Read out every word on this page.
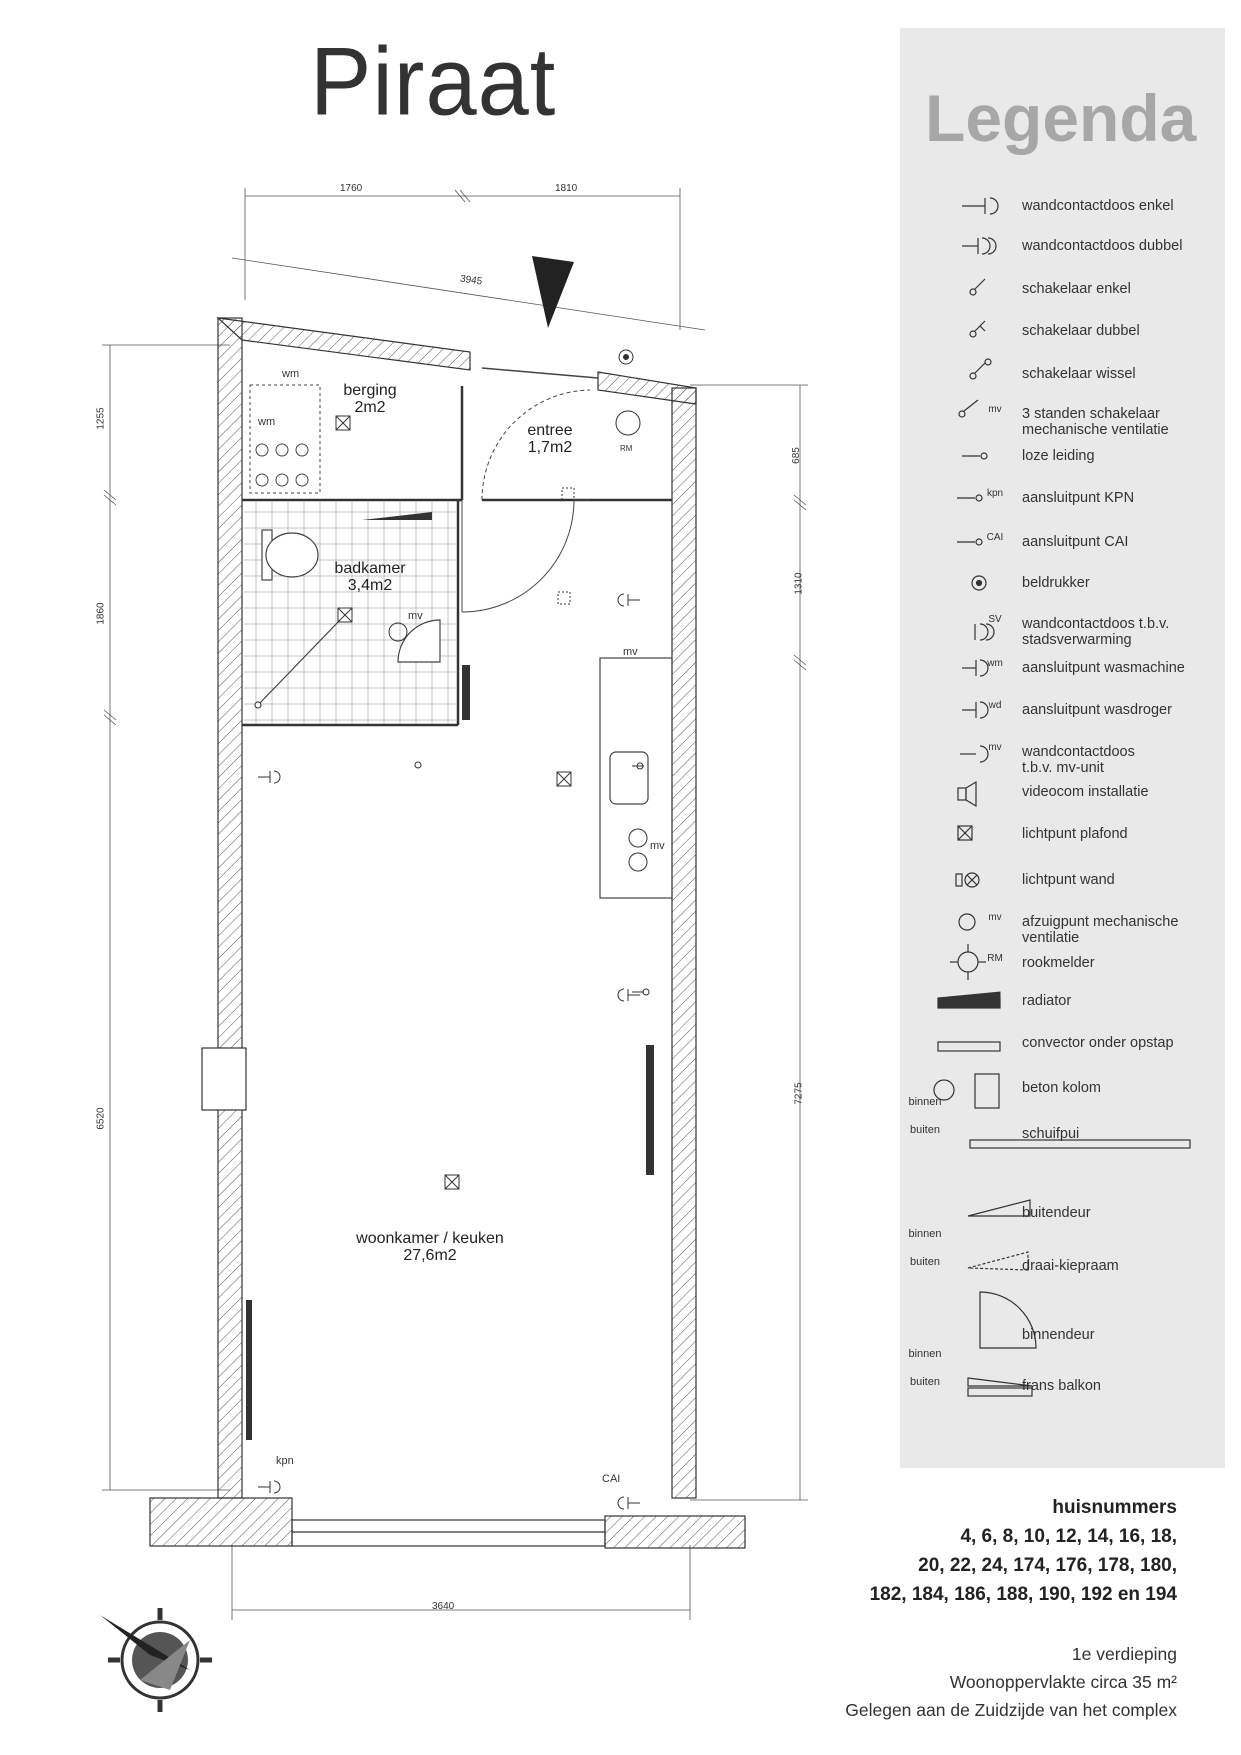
Piraat	Legenda
berging
2m2
entree
1,7m2
badkamer
3,4m2
woonkamer / keuken
27,6m2
wm
wm
mv
mv
mv
kpn
CAI
RM
1760	1810
3945
1255
1860
6520
685
1310
7275
3640
wandcontactdoos enkel
wandcontactdoos dubbel
schakelaar enkel
schakelaar dubbel
schakelaar wissel
3 standen schakelaar
mechanische ventilatie
mv
loze leiding
aansluitpunt KPN
kpn
aansluitpunt CAI
CAI
beldrukker
wandcontactdoos t.b.v.
stadsverwarming
SV
aansluitpunt wasmachine
wm
aansluitpunt wasdroger
wd
wandcontactdoos
t.b.v. mv-unit
mv
videocom installatie
lichtpunt plafond
lichtpunt wand
afzuigpunt mechanische
ventilatie
mv
rookmelder
RM
radiator
convector onder opstap
beton kolom
schuifpui
binnen
buiten
buitendeur
draai-kiepraam
binnen
buiten
binnendeur
frans balkon
binnen
buiten
huisnummers
4, 6, 8, 10, 12, 14, 16, 18,
20, 22, 24, 174, 176, 178, 180,
182, 184, 186, 188, 190, 192 en 194
1e verdieping
Woonoppervlakte circa 35 m²
Gelegen aan de Zuidzijde van het complex
